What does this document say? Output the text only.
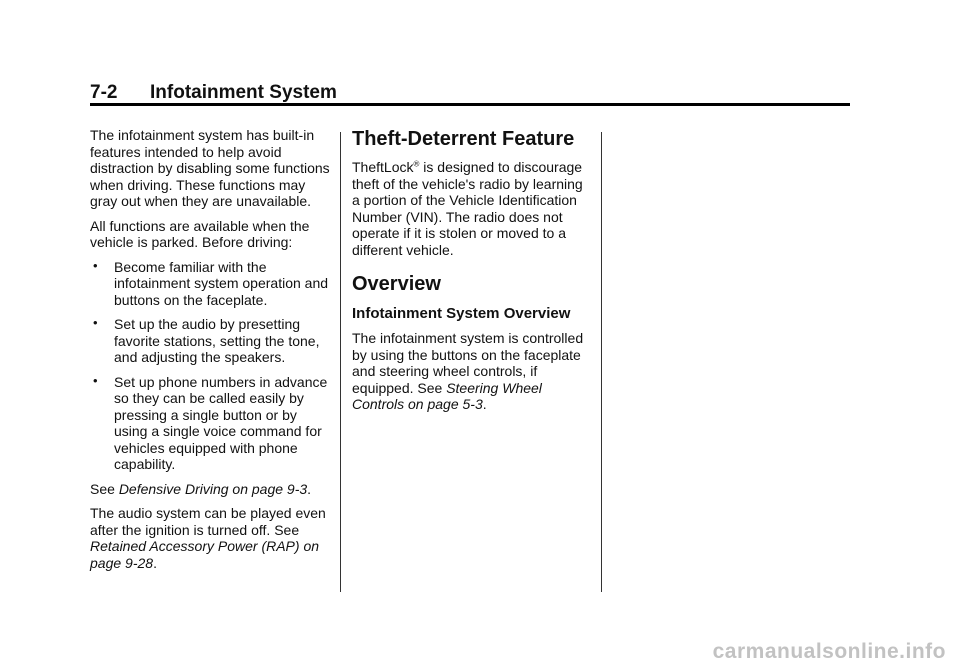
7-2 Infotainment System

The infotainment system has built-in features intended to help avoid distraction by disabling some functions when driving. These functions may gray out when they are unavailable.

All functions are available when the vehicle is parked. Before driving:

• Become familiar with the infotainment system operation and buttons on the faceplate.
• Set up the audio by presetting favorite stations, setting the tone, and adjusting the speakers.
• Set up phone numbers in advance so they can be called easily by pressing a single button or by using a single voice command for vehicles equipped with phone capability.

See Defensive Driving on page 9-3.

The audio system can be played even after the ignition is turned off. See Retained Accessory Power (RAP) on page 9-28.

Theft-Deterrent Feature

TheftLock® is designed to discourage theft of the vehicle's radio by learning a portion of the Vehicle Identification Number (VIN). The radio does not operate if it is stolen or moved to a different vehicle.

Overview
Infotainment System Overview

The infotainment system is controlled by using the buttons on the faceplate and steering wheel controls, if equipped. See Steering Wheel Controls on page 5-3.

carmanualsonline.info
